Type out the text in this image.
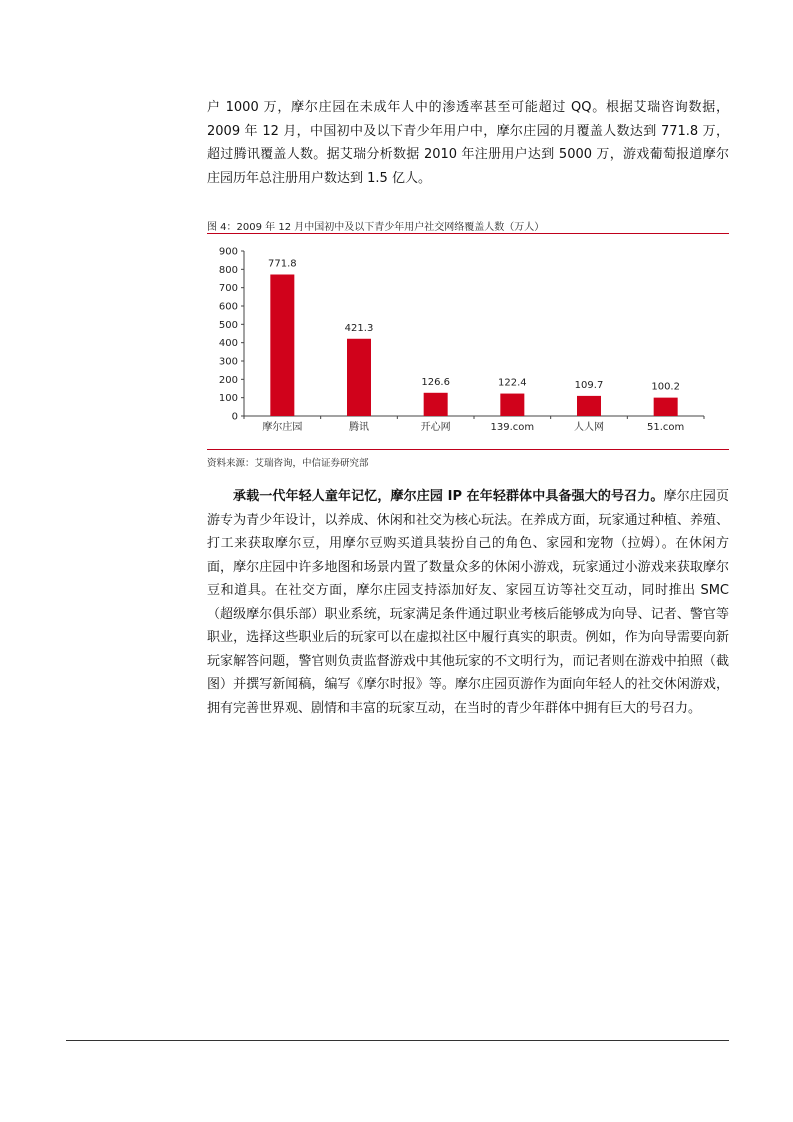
户 1000 万，摩尔庄园在未成年人中的渗透率甚至可能超过 QQ。根据艾瑞咨询数据，2009 年 12 月，中国初中及以下青少年用户中，摩尔庄园的月覆盖人数达到 771.8 万，超过腾讯覆盖人数。据艾瑞分析数据 2010 年注册用户达到 5000 万，游戏葡萄报道摩尔庄园历年总注册用户数达到 1.5 亿人。

图 4：2009 年 12 月中国初中及以下青少年用户社交网络覆盖人数（万人）
0
100
200
300
400
500
600
700
800
900
771.8
摩尔庄园
421.3
腾讯
126.6
开心网
122.4
139.com
109.7
人人网
100.2
51.com
资料来源：艾瑞咨询，中信证券研究部

承载一代年轻人童年记忆，摩尔庄园 IP 在年轻群体中具备强大的号召力。摩尔庄园页游专为青少年设计，以养成、休闲和社交为核心玩法。在养成方面，玩家通过种植、养殖、打工来获取摩尔豆，用摩尔豆购买道具装扮自己的角色、家园和宠物（拉姆）。在休闲方面，摩尔庄园中许多地图和场景内置了数量众多的休闲小游戏，玩家通过小游戏来获取摩尔豆和道具。在社交方面，摩尔庄园支持添加好友、家园互访等社交互动，同时推出 SMC（超级摩尔俱乐部）职业系统，玩家满足条件通过职业考核后能够成为向导、记者、警官等职业，选择这些职业后的玩家可以在虚拟社区中履行真实的职责。例如，作为向导需要向新玩家解答问题，警官则负责监督游戏中其他玩家的不文明行为，而记者则在游戏中拍照（截图）并撰写新闻稿，编写《摩尔时报》等。摩尔庄园页游作为面向年轻人的社交休闲游戏，拥有完善世界观、剧情和丰富的玩家互动，在当时的青少年群体中拥有巨大的号召力。
